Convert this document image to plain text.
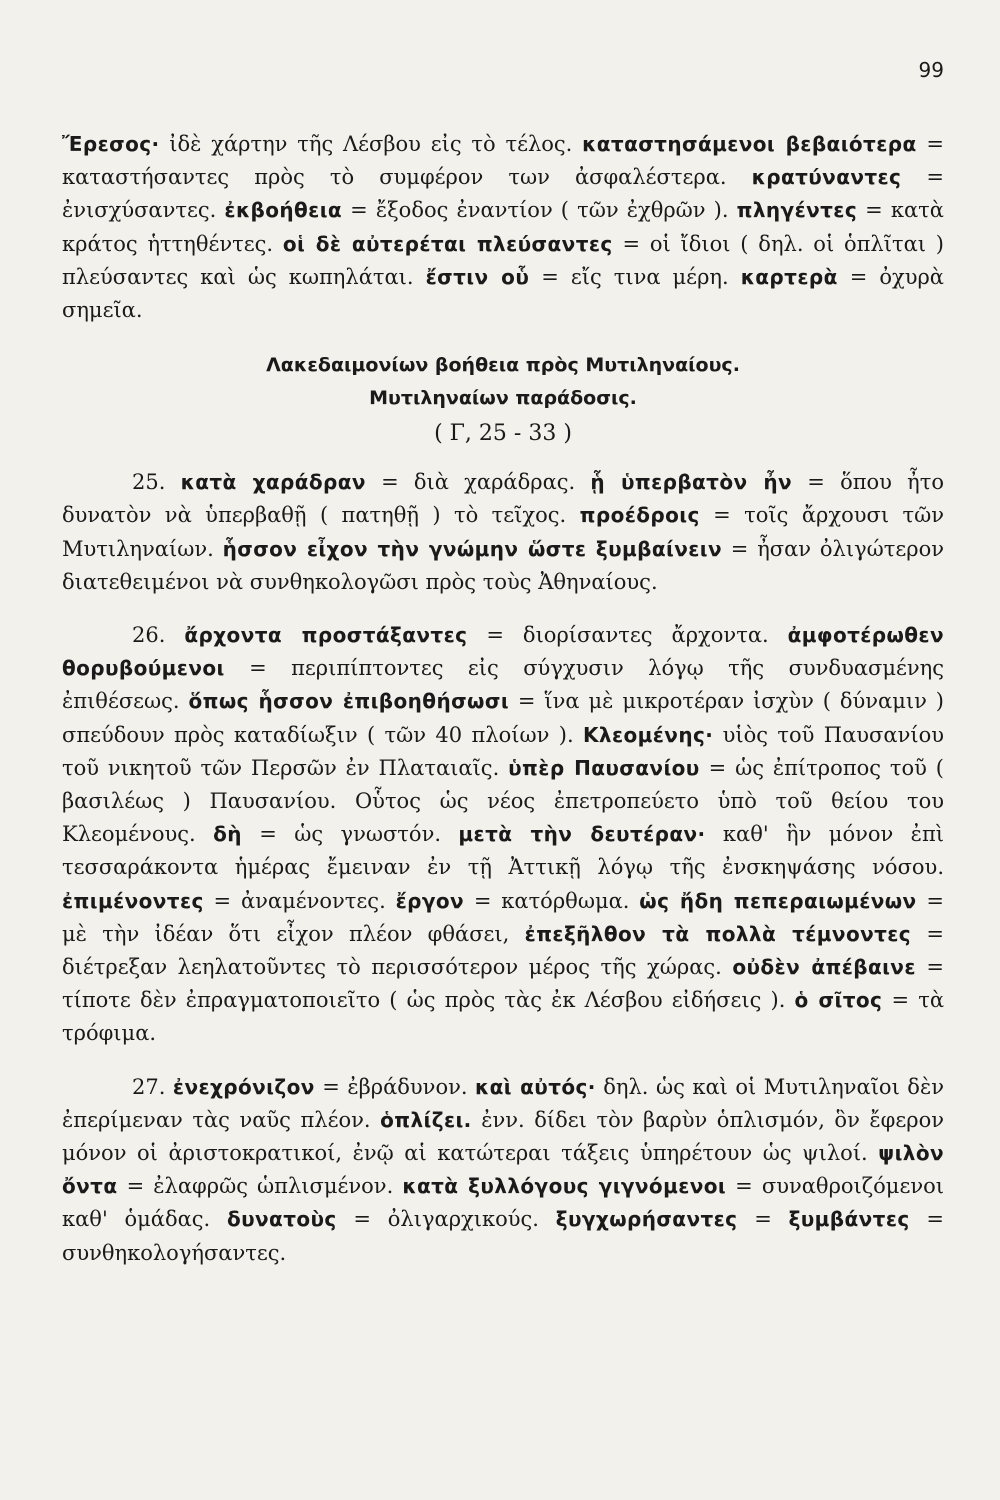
99

Ἔρεσος· ἰδὲ χάρτην τῆς Λέσβου εἰς τὸ τέλος. καταστησάμενοι βεβαιότερα = καταστήσαντες πρὸς τὸ συμφέρον των ἀσφαλέστερα. κρατύναντες = ἐνισχύσαντες. ἐκβοήθεια = ἔξοδος ἐναντίον ( τῶν ἐχθρῶν ). πληγέντες = κατὰ κράτος ἡττηθέντες. οἱ δὲ αὐτερέται πλεύσαντες = οἱ ἴδιοι ( δηλ. οἱ ὁπλῖται ) πλεύσαντες καὶ ὡς κωπηλάται. ἔστιν οὗ = εἴς τινα μέρη. καρτερὰ = ὀχυρὰ σημεῖα.

Λακεδαιμονίων βοήθεια πρὸς Μυτιληναίους.
Μυτιληναίων παράδοσις.
( Γ, 25 - 33 )

25. κατὰ χαράδραν = διὰ χαράδρας. ᾗ ὑπερβατὸν ἦν = ὅπου ἦτο δυνατὸν νὰ ὑπερβαθῇ ( πατηθῇ ) τὸ τεῖχος. προέδροις = τοῖς ἄρχουσι τῶν Μυτιληναίων. ἧσσον εἶχον τὴν γνώμην ὥστε ξυμβαίνειν = ἦσαν ὀλιγώτερον διατεθειμένοι νὰ συνθηκολογῶσι πρὸς τοὺς Ἀθηναίους.

26. ἄρχοντα προστάξαντες = διορίσαντες ἄρχοντα. ἀμφοτέρωθεν θορυβούμενοι = περιπίπτοντες εἰς σύγχυσιν λόγῳ τῆς συνδυασμένης ἐπιθέσεως. ὅπως ἧσσον ἐπιβοηθήσωσι = ἵνα μὲ μικροτέραν ἰσχὺν ( δύναμιν ) σπεύδουν πρὸς καταδίωξιν ( τῶν 40 πλοίων ). Κλεομένης· υἱὸς τοῦ Παυσανίου τοῦ νικητοῦ τῶν Περσῶν ἐν Πλαταιαῖς. ὑπὲρ Παυσανίου = ὡς ἐπίτροπος τοῦ ( βασιλέως ) Παυσανίου. Οὗτος ὡς νέος ἐπετροπεύετο ὑπὸ τοῦ θείου του Κλεομένους. δὴ = ὡς γνωστόν. μετὰ τὴν δευτέραν· καθ' ἣν μόνον ἐπὶ τεσσαράκοντα ἡμέρας ἔμειναν ἐν τῇ Ἀττικῇ λόγῳ τῆς ἐνσκηψάσης νόσου. ἐπιμένοντες = ἀναμένοντες. ἔργον = κατόρθωμα. ὡς ἤδη πεπεραιωμένων = μὲ τὴν ἰδέαν ὅτι εἶχον πλέον φθάσει, ἐπεξῆλθον τὰ πολλὰ τέμνοντες = διέτρεξαν λεηλατοῦντες τὸ περισσότερον μέρος τῆς χώρας. οὐδὲν ἀπέβαινε = τίποτε δὲν ἐπραγματοποιεῖτο ( ὡς πρὸς τὰς ἐκ Λέσβου εἰδήσεις ). ὁ σῖτος = τὰ τρόφιμα.

27. ἐνεχρόνιζον = ἐβράδυνον. καὶ αὐτός· δηλ. ὡς καὶ οἱ Μυτιληναῖοι δὲν ἐπερίμεναν τὰς ναῦς πλέον. ὁπλίζει. ἐνν. δίδει τὸν βαρὺν ὁπλισμόν, ὃν ἔφερον μόνον οἱ ἀριστοκρατικοί, ἐνῷ αἱ κατώτεραι τάξεις ὑπηρέτουν ὡς ψιλοί. ψιλὸν ὄντα = ἐλαφρῶς ὡπλισμένον. κατὰ ξυλλόγους γιγνόμενοι = συναθροιζόμενοι καθ' ὁμάδας. δυνατοὺς = ὀλιγαρχικούς. ξυγχωρήσαντες = ξυμβάντες = συνθηκολογήσαντες.
